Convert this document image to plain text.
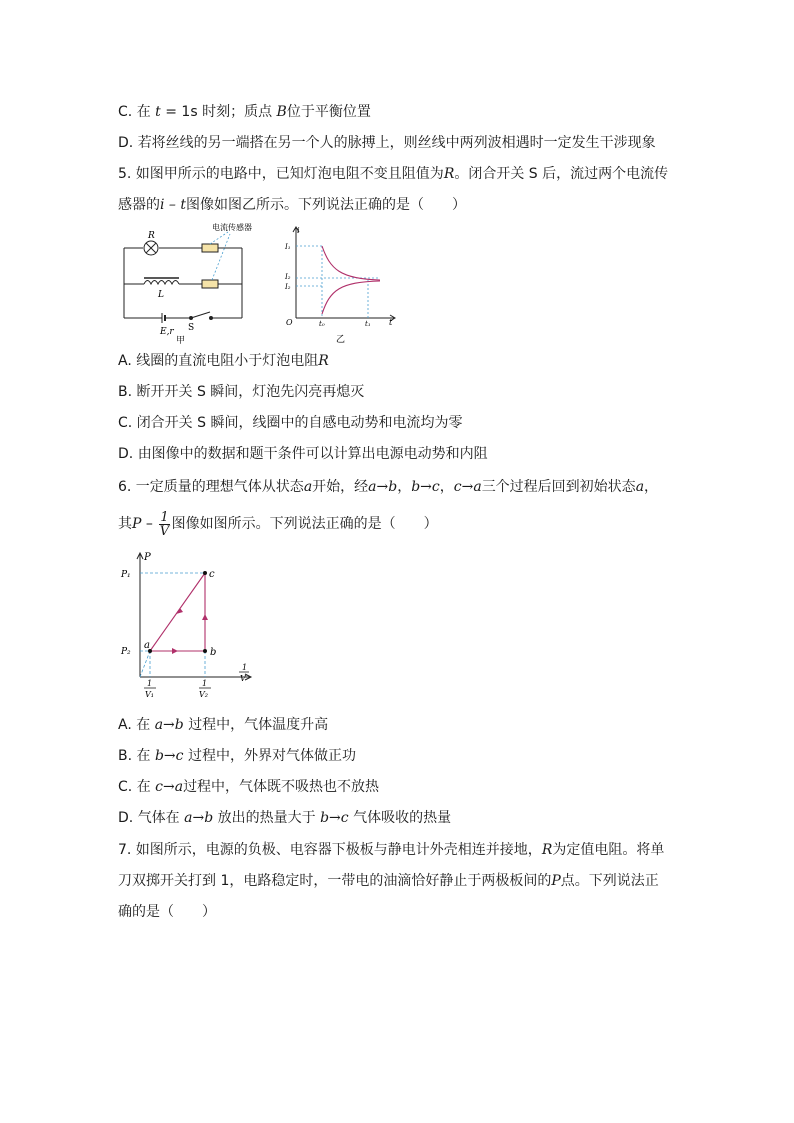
C. 在 t = 1s 时刻；质点 B位于平衡位置
D. 若将丝线的另一端搭在另一个人的脉搏上，则丝线中两列波相遇时一定发生干涉现象
5. 如图甲所示的电路中，已知灯泡电阻不变且阻值为R。闭合开关 S 后，流过两个电流传
感器的i – t图像如图乙所示。下列说法正确的是（　　）
R
L
E,r S
电流传感器
甲
i
t
O
I₁
I₂
I₂
t₀	t₁
乙
A. 线圈的直流电阻小于灯泡电阻R
B. 断开开关 S 瞬间，灯泡先闪亮再熄灭
C. 闭合开关 S 瞬间，线圈中的自感电动势和电流均为零
D. 由图像中的数据和题干条件可以计算出电源电动势和内阻
6. 一定质量的理想气体从状态a开始，经a→b，b→c，c→a三个过程后回到初始状态a，
其P – $\frac{1}{V}$ 图像如图所示。下列说法正确的是（　　）
P
P₁
P₂
a
b
c
1
V₁
1
V₂
1
V
A. 在 a→b 过程中，气体温度升高
B. 在 b→c 过程中，外界对气体做正功
C. 在 c→a过程中，气体既不吸热也不放热
D. 气体在 a→b 放出的热量大于 b→c 气体吸收的热量
7. 如图所示，电源的负极、电容器下极板与静电计外壳相连并接地，R为定值电阻。将单
刀双掷开关打到 1，电路稳定时，一带电的油滴恰好静止于两极板间的P点。下列说法正
确的是（　　）
